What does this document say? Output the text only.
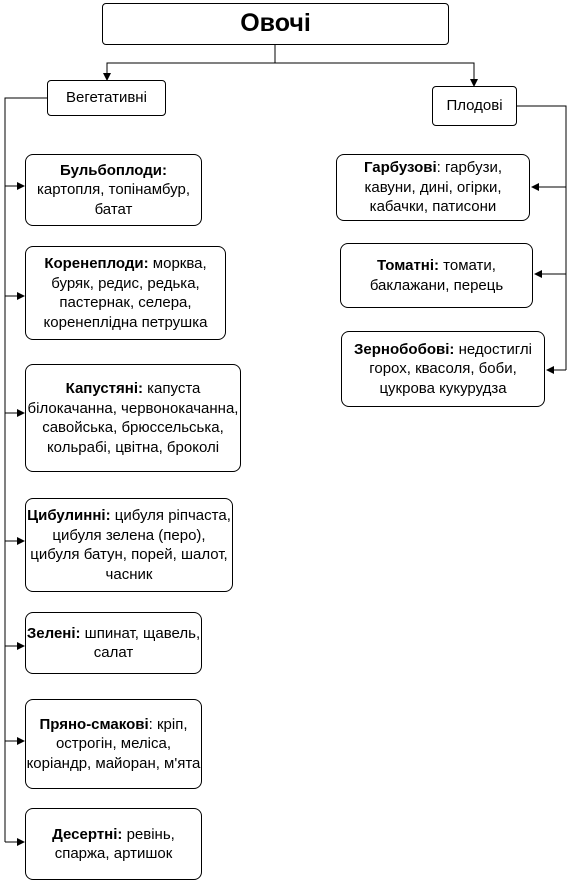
Овочі
Вегетативні	Плодові
Бульбоплоди: картопля, топінамбур, батат
Коренеплоди: морква, буряк, редис, редька, пастернак, селера, коренеплідна петрушка
Капустяні: капуста білокачанна, червонокачанна, савойська, брюссельська, кольрабі, цвітна, броколі
Цибулинні: цибуля ріпчаста, цибуля зелена (перо), цибуля батун, порей, шалот, часник
Зелені: шпинат, щавель, салат
Пряно-смакові: кріп, острогін, меліса, коріандр, майоран, м'ята
Десертні: ревінь, спаржа, артишок
Гарбузові: гарбузи, кавуни, дині, огірки, кабачки, патисони
Томатні: томати, баклажани, перець
Зернобобові: недостиглі горох, квасоля, боби, цукрова кукурудза
